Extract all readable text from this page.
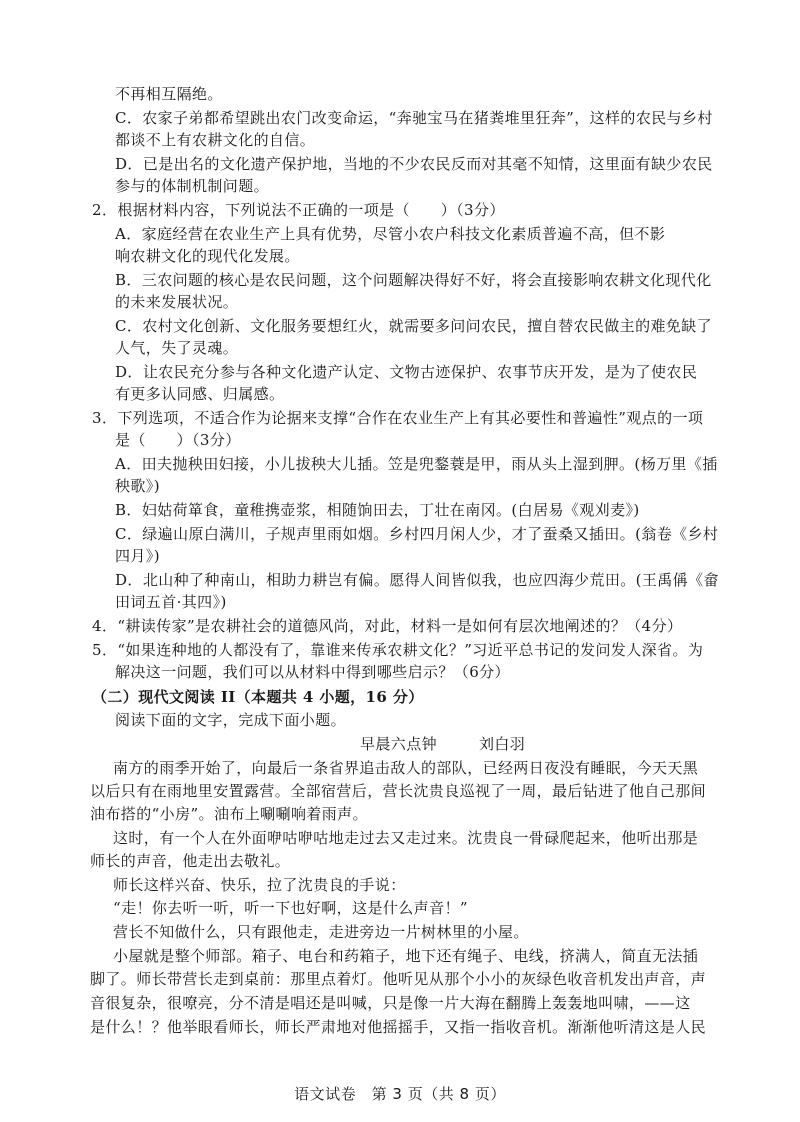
不再相互隔绝。
C．农家子弟都希望跳出农门改变命运，“奔驰宝马在猪粪堆里狂奔”，这样的农民与乡村
都谈不上有农耕文化的自信。
D．已是出名的文化遗产保护地，当地的不少农民反而对其毫不知情，这里面有缺少农民
参与的体制机制问题。
2．根据材料内容，下列说法不正确的一项是（　　）（3分）
A．家庭经营在农业生产上具有优势，尽管小农户科技文化素质普遍不高，但不影
响农耕文化的现代化发展。
B．三农问题的核心是农民问题，这个问题解决得好不好，将会直接影响农耕文化现代化
的未来发展状况。
C．农村文化创新、文化服务要想红火，就需要多问问农民，擅自替农民做主的难免缺了
人气，失了灵魂。
D．让农民充分参与各种文化遗产认定、文物古迹保护、农事节庆开发，是为了使农民
有更多认同感、归属感。
3．下列选项，不适合作为论据来支撑“合作在农业生产上有其必要性和普遍性”观点的一项
是（　　）（3分）
A．田夫抛秧田妇接，小儿拔秧大儿插。笠是兜鍪蓑是甲，雨从头上湿到胛。(杨万里《插
秧歌》)
B．妇姑荷箪食，童稚携壶浆，相随饷田去，丁壮在南冈。(白居易《观刈麦》)
C．绿遍山原白满川，子规声里雨如烟。乡村四月闲人少，才了蚕桑又插田。(翁卷《乡村
四月》)
D．北山种了种南山，相助力耕岂有偏。愿得人间皆似我，也应四海少荒田。(王禹偁《畲
田词五首·其四》)
4．“耕读传家”是农耕社会的道德风尚，对此，材料一是如何有层次地阐述的？（4分）
5．“如果连种地的人都没有了，靠谁来传承农耕文化？”习近平总书记的发问发人深省。为
解决这一问题，我们可以从材料中得到哪些启示？（6分）
（二）现代文阅读 II（本题共 4 小题，16 分）
阅读下面的文字，完成下面小题。
早晨六点钟	刘白羽
南方的雨季开始了，向最后一条省界追击敌人的部队，已经两日夜没有睡眠，今天天黑
以后只有在雨地里安置露营。全部宿营后，营长沈贵良巡视了一周，最后钻进了他自己那间
油布搭的“小房”。油布上唰唰响着雨声。
这时，有一个人在外面咿咕咿咕地走过去又走过来。沈贵良一骨碌爬起来，他听出那是
师长的声音，他走出去敬礼。
师长这样兴奋、快乐，拉了沈贵良的手说：
“走！你去听一听，听一下也好啊，这是什么声音！”
营长不知做什么，只有跟他走，走进旁边一片树林里的小屋。
小屋就是整个师部。箱子、电台和药箱子，地下还有绳子、电线，挤满人，简直无法插
脚了。师长带营长走到桌前：那里点着灯。他听见从那个小小的灰绿色收音机发出声音，声
音很复杂，很嘹亮，分不清是唱还是叫喊，只是像一片大海在翻腾上轰轰地叫啸，——这
是什么！？他举眼看师长，师长严肃地对他摇摇手，又指一指收音机。渐渐他听清这是人民
语文试卷　第 3 页（共 8 页）
